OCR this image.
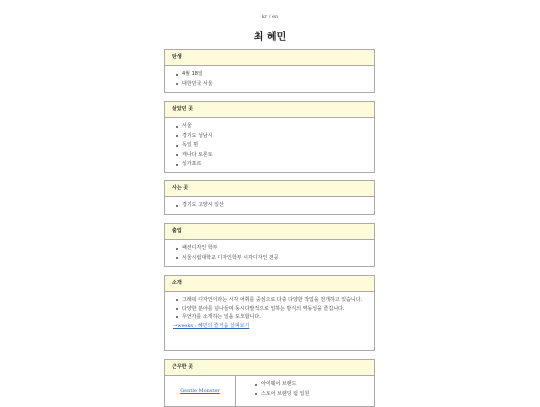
kr / en
최 혜민
탄생
4월 18일
대한민국 서울
살았던 곳
서울
경기도 성남시
독일 뮌
캐나다 토론토
싱가포르
사는 곳
경기도 고양시 일산
출업
패션디자인 학부
서울시립대학교 디자인학부 시각디자인 전공
소개

그래픽 디자인이라는 시각 어휘를 중심으로 다층 다양한 작업을 전개하고 있습니다.

다양한 분야를 넘나들며 동시다발적으로 일하는 방식의 역동성을 즐깁니다.

무언가를 소개하는 일을 도모합니다.

→weeks : 혜민의 즐거움 살펴보기
근무한 곳
Gentle Monster
아이웨어 브랜드
스토어 브랜딩 팀 일원
